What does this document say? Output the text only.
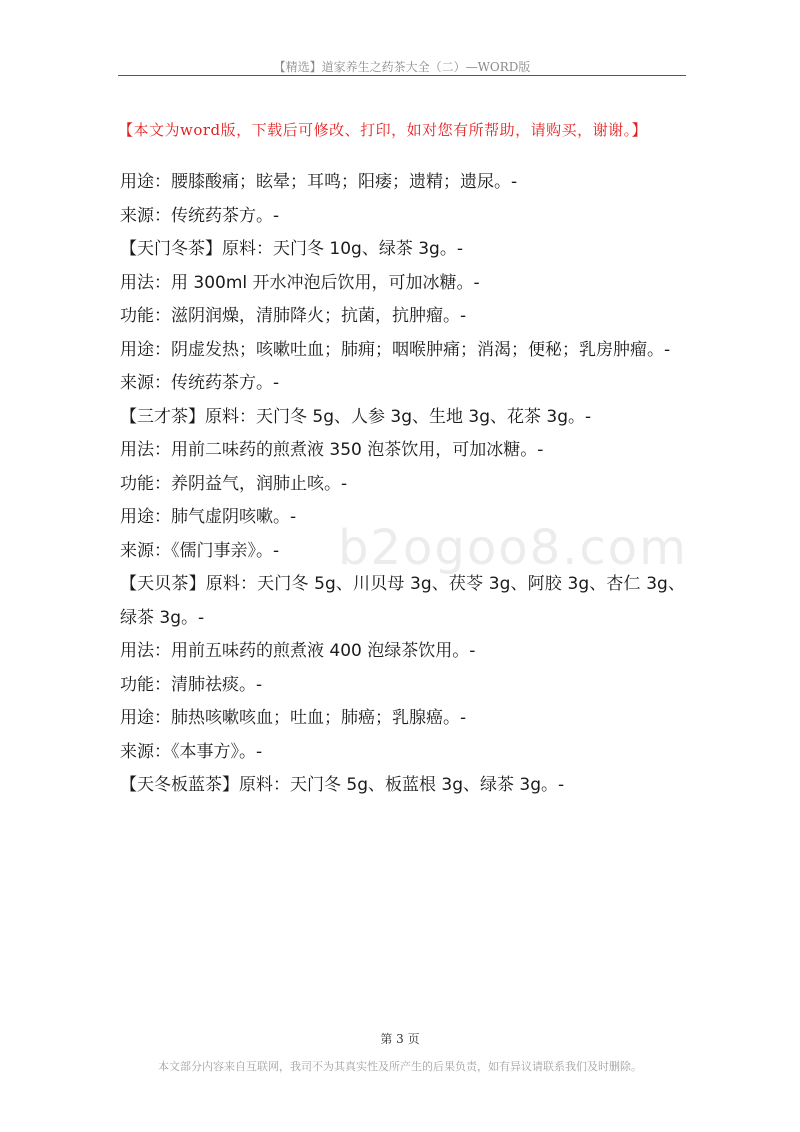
【精选】道家养生之药茶大全（二）—WORD版
【本文为word版，下载后可修改、打印，如对您有所帮助，请购买，谢谢。】
用途：腰膝酸痛；眩晕；耳鸣；阳痿；遗精；遗尿。-
来源：传统药茶方。-
【天门冬茶】原料：天门冬 10g、绿茶 3g。-
用法：用 300ml 开水冲泡后饮用，可加冰糖。-
功能：滋阴润燥，清肺降火；抗菌，抗肿瘤。-
用途：阴虚发热；咳嗽吐血；肺痈；咽喉肿痛；消渴；便秘；乳房肿瘤。-
来源：传统药茶方。-
【三才茶】原料：天门冬 5g、人参 3g、生地 3g、花茶 3g。-
用法：用前二味药的煎煮液 350 泡茶饮用，可加冰糖。-
功能：养阴益气，润肺止咳。-
用途：肺气虚阴咳嗽。-
来源：《儒门事亲》。-
【天贝茶】原料：天门冬 5g、川贝母 3g、茯苓 3g、阿胶 3g、杏仁 3g、绿茶 3g。-
用法：用前五味药的煎煮液 400 泡绿茶饮用。-
功能：清肺祛痰。-
用途：肺热咳嗽咳血；吐血；肺癌；乳腺癌。-
来源：《本事方》。-
【天冬板蓝茶】原料：天门冬 5g、板蓝根 3g、绿茶 3g。-
b2ogoo8.com
第 3 页
本文部分内容来自互联网，我司不为其真实性及所产生的后果负责，如有异议请联系我们及时删除。
